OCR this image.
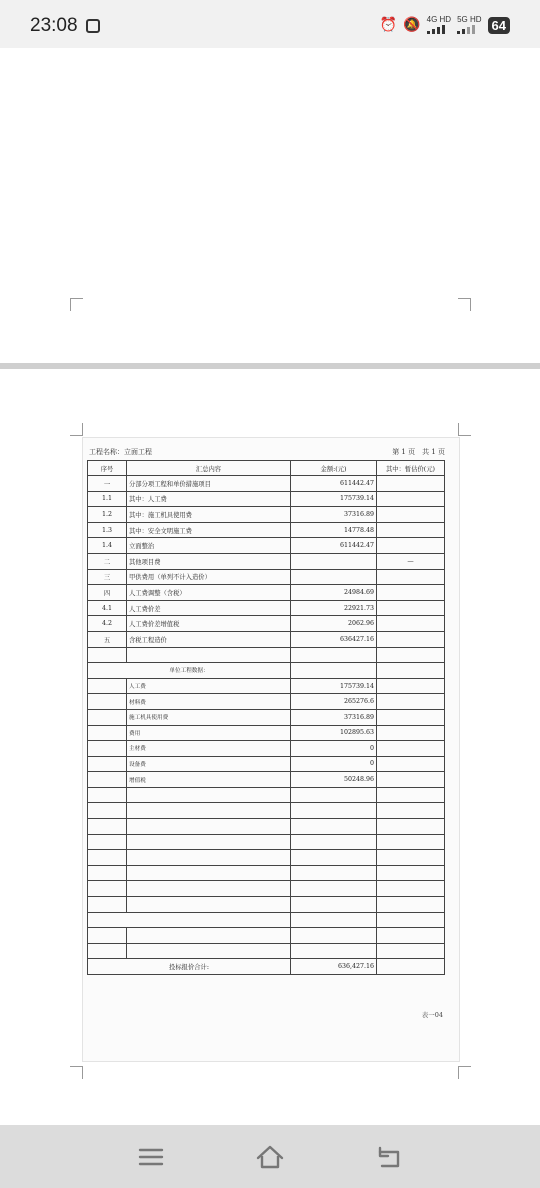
23:08	⏰ 🔕 4G HD 5G HD 64
工程名称：立面工程	第 1 页　共 1 页
序号	汇总内容	金额:(元)	其中：暂估价(元)
一	分部分项工程和单价措施项目	611442.47	
1.1	其中：人工费	175739.14	
1.2	其中：施工机具使用费	37316.89	
1.3	其中：安全文明施工费	14778.48	
1.4	立面整治	611442.47	
二	其他项目费		—
三	甲供费用（单列不计入造价）		
四	人工费调整（含税）	24984.69	
4.1	人工费价差	22921.73	
4.2	人工费价差增值税	2062.96	
五	含税工程造价	636427.16	

单位工程数据：			
	人工费	175739.14	
	材料费	265276.6	
	施工机具使用费	37316.89	
	费用	102895.63	
	主材费	0	
	设备费	0	
	增值税	50248.96	

投标报价合计:		636,427.16	
表一04
